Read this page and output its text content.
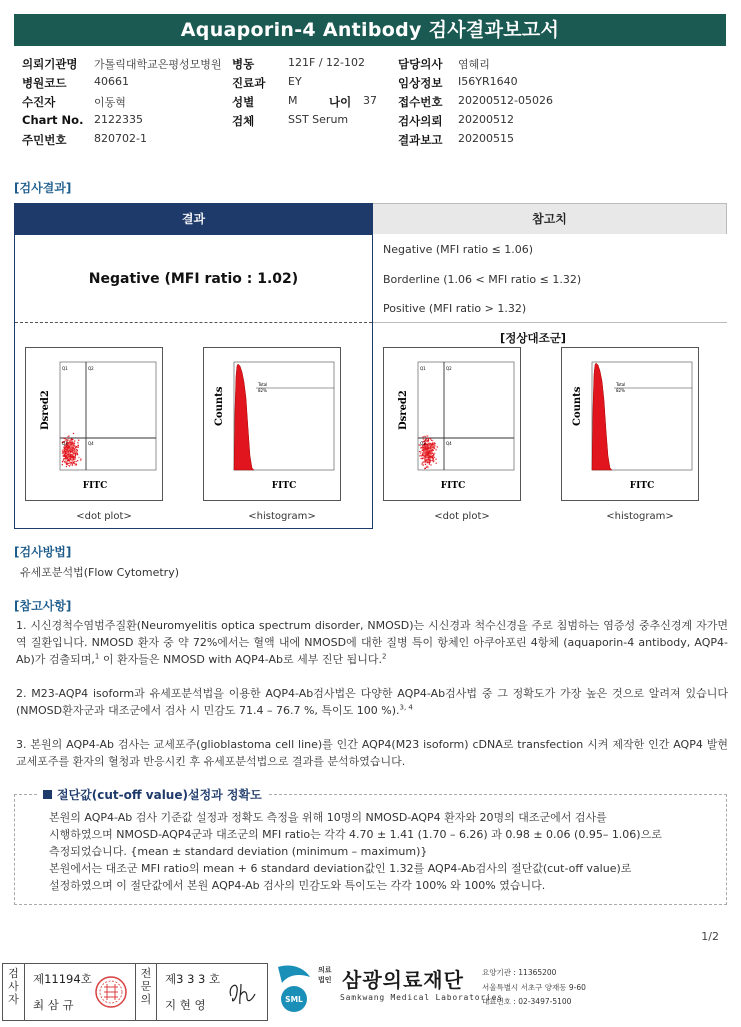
Aquaporin-4 Antibody 검사결과보고서
의뢰기관명 가톨릭대학교은평성모병원 병동	121F / 12-102	담당의사 염혜리
병원코드	40661	진료과 EY	임상정보 I56YR1640
수진자	이동혁	성별	M	나이 37 접수번호 20200512-05026
Chart No. 2122335	검체	SST Serum	검사의뢰 20200512
주민번호	820702-1	결과보고 20200515
[검사결과]
결과
Negative (MFI ratio : 1.02)
참고치
Negative (MFI ratio ≤ 1.06)
Borderline (1.06 < MFI ratio ≤ 1.32)
Positive (MFI ratio > 1.32)
[정상대조군]
Q1	Q2
Q3	Q4
Dsred2
FITC
Total
82%
Counts
FITC
<dot plot>	<histogram>
Q1	Q2
Q3	Q4
Dsred2
FITC
Total
82%
Counts
FITC
<dot plot>	<histogram>
[검사방법]
유세포분석법(Flow Cytometry)
[참고사항]

1. 시신경척수염범주질환(Neuromyelitis optica spectrum disorder, NMOSD)는 시신경과 척수신경을 주로 침범하는 염증성 중추신경계 자가면역 질환입니다. NMOSD 환자 중 약 72%에서는 혈액 내에 NMOSD에 대한 질병 특이 항체인 아쿠아포린 4항체 (aquaporin-4 antibody, AQP4-Ab)가 검출되며,$^1$ 이 환자들은 NMOSD with AQP4-Ab로 세부 진단 됩니다.$^2$

2. M23-AQP4 isoform과 유세포분석법을 이용한 AQP4-Ab검사법은 다양한 AQP4-Ab검사법 중 그 정확도가 가장 높은 것으로 알려져 있습니다(NMOSD환자군과 대조군에서 검사 시 민감도 71.4 – 76.7 %, 특이도 100 %).$^{3, 4}$

3. 본원의 AQP4-Ab 검사는 교세포주(glioblastoma cell line)를 인간 AQP4(M23 isoform) cDNA로 transfection 시켜 제작한 인간 AQP4 발현 교세포주를 환자의 혈청과 반응시킨 후 유세포분석법으로 결과를 분석하였습니다.

절단값(cut-off value)설정과 정확도
본원의 AQP4-Ab 검사 기준값 설정과 정확도 측정을 위해 10명의 NMOSD-AQP4 환자와 20명의 대조군에서 검사를
시행하였으며 NMOSD-AQP4군과 대조군의 MFI ratio는 각각 4.70 ± 1.41 (1.70 – 6.26) 과 0.98 ± 0.06 (0.95– 1.06)으로
측정되었습니다. {mean ± standard deviation (minimum – maximum)}
본원에서는 대조군 MFI ratio의 mean + 6 standard deviation값인 1.32를 AQP4-Ab검사의 절단값(cut-off value)로
설정하였으며 이 절단값에서 본원 AQP4-Ab 검사의 민감도와 특이도는 각각 100% 와 100% 였습니다.
1/2
검
사
자
제11194호
최 삼 규
전
문
의
제3 3 3 호
지 현 영	SML
의료
법인 삼광의료재단
Samkwang Medical Laboratories
요양기관 : 11365200
서울특별시 서초구 양재동 9-60
대표번호 : 02-3497-5100
